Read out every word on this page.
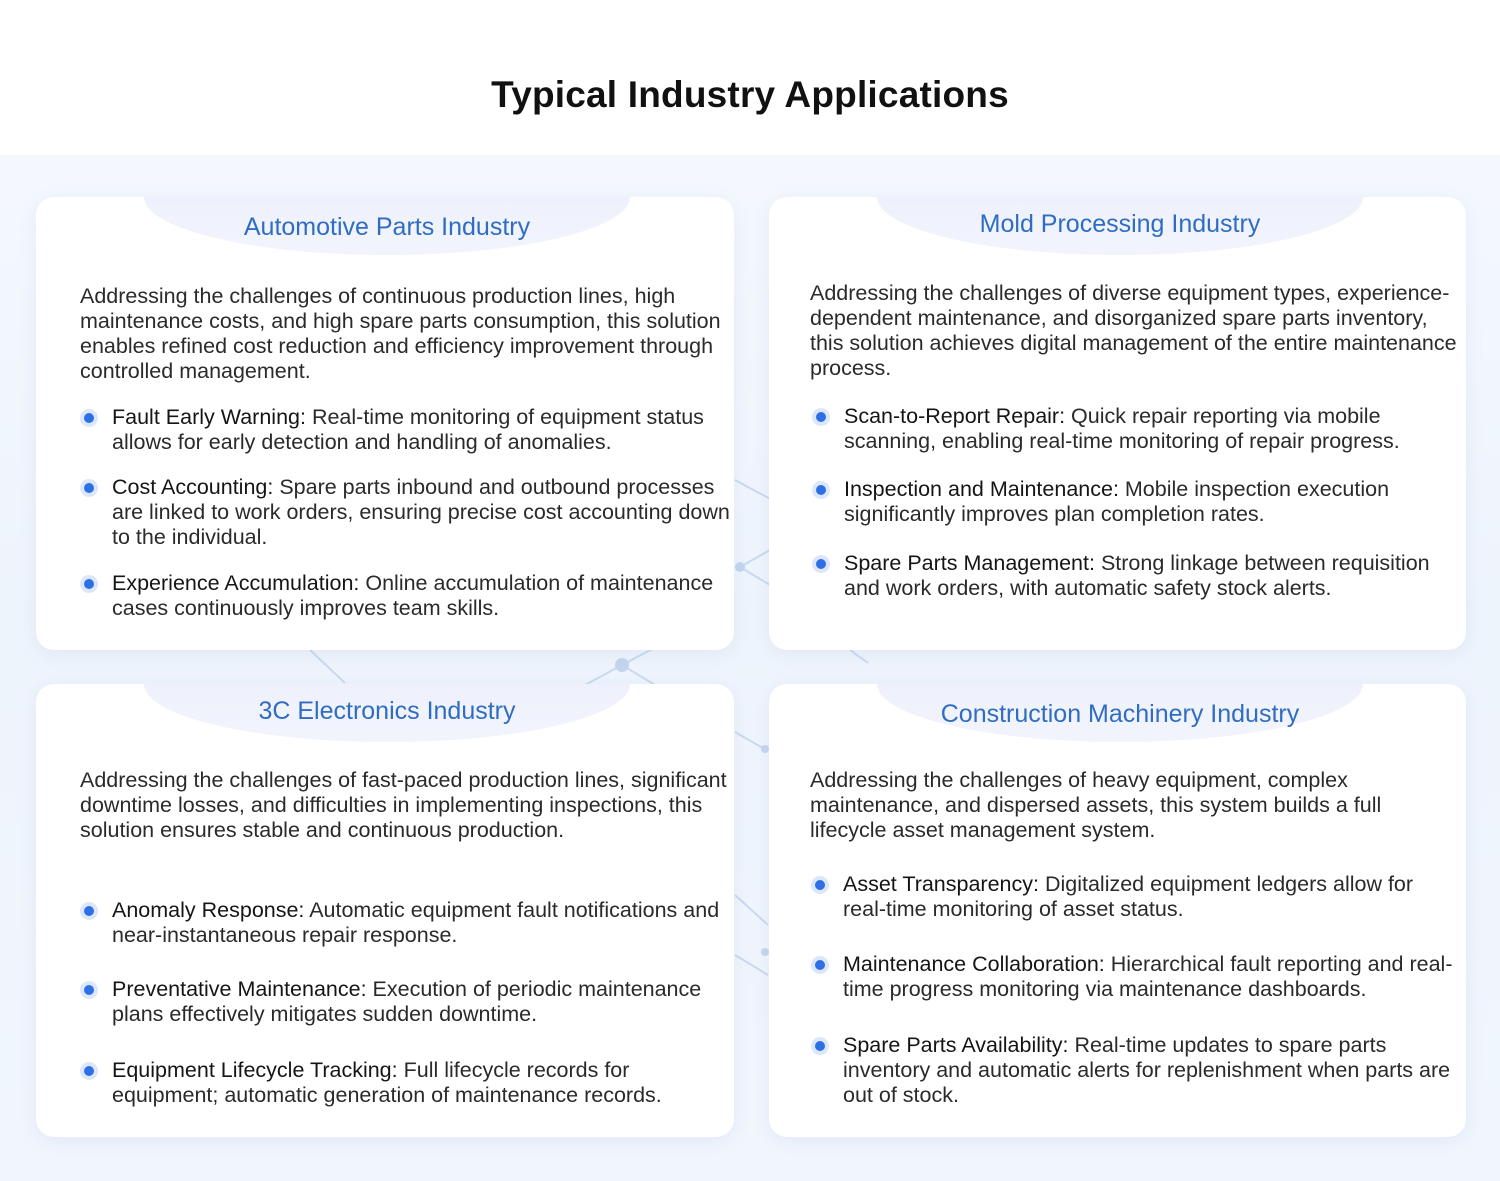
Typical Industry Applications
Automotive Parts Industry

Addressing the challenges of continuous production lines, high maintenance costs, and high spare parts consumption, this solution enables refined cost reduction and efficiency improvement through controlled management.

Fault Early Warning: Real-time monitoring of equipment status allows for early detection and handling of anomalies.
Cost Accounting: Spare parts inbound and outbound processes are linked to work orders, ensuring precise cost accounting down to the individual.
Experience Accumulation: Online accumulation of maintenance cases continuously improves team skills.
Mold Processing Industry

Addressing the challenges of diverse equipment types, experience-dependent maintenance, and disorganized spare parts inventory, this solution achieves digital management of the entire maintenance process.

Scan-to-Report Repair: Quick repair reporting via mobile scanning, enabling real-time monitoring of repair progress.
Inspection and Maintenance: Mobile inspection execution significantly improves plan completion rates.
Spare Parts Management: Strong linkage between requisition and work orders, with automatic safety stock alerts.
3C Electronics Industry

Addressing the challenges of fast-paced production lines, significant downtime losses, and difficulties in implementing inspections, this solution ensures stable and continuous production.

Anomaly Response: Automatic equipment fault notifications and near-instantaneous repair response.
Preventative Maintenance: Execution of periodic maintenance plans effectively mitigates sudden downtime.
Equipment Lifecycle Tracking: Full lifecycle records for equipment; automatic generation of maintenance records.
Construction Machinery Industry

Addressing the challenges of heavy equipment, complex maintenance, and dispersed assets, this system builds a full lifecycle asset management system.

Asset Transparency: Digitalized equipment ledgers allow for real-time monitoring of asset status.
Maintenance Collaboration: Hierarchical fault reporting and real-time progress monitoring via maintenance dashboards.
Spare Parts Availability: Real-time updates to spare parts inventory and automatic alerts for replenishment when parts are out of stock.
